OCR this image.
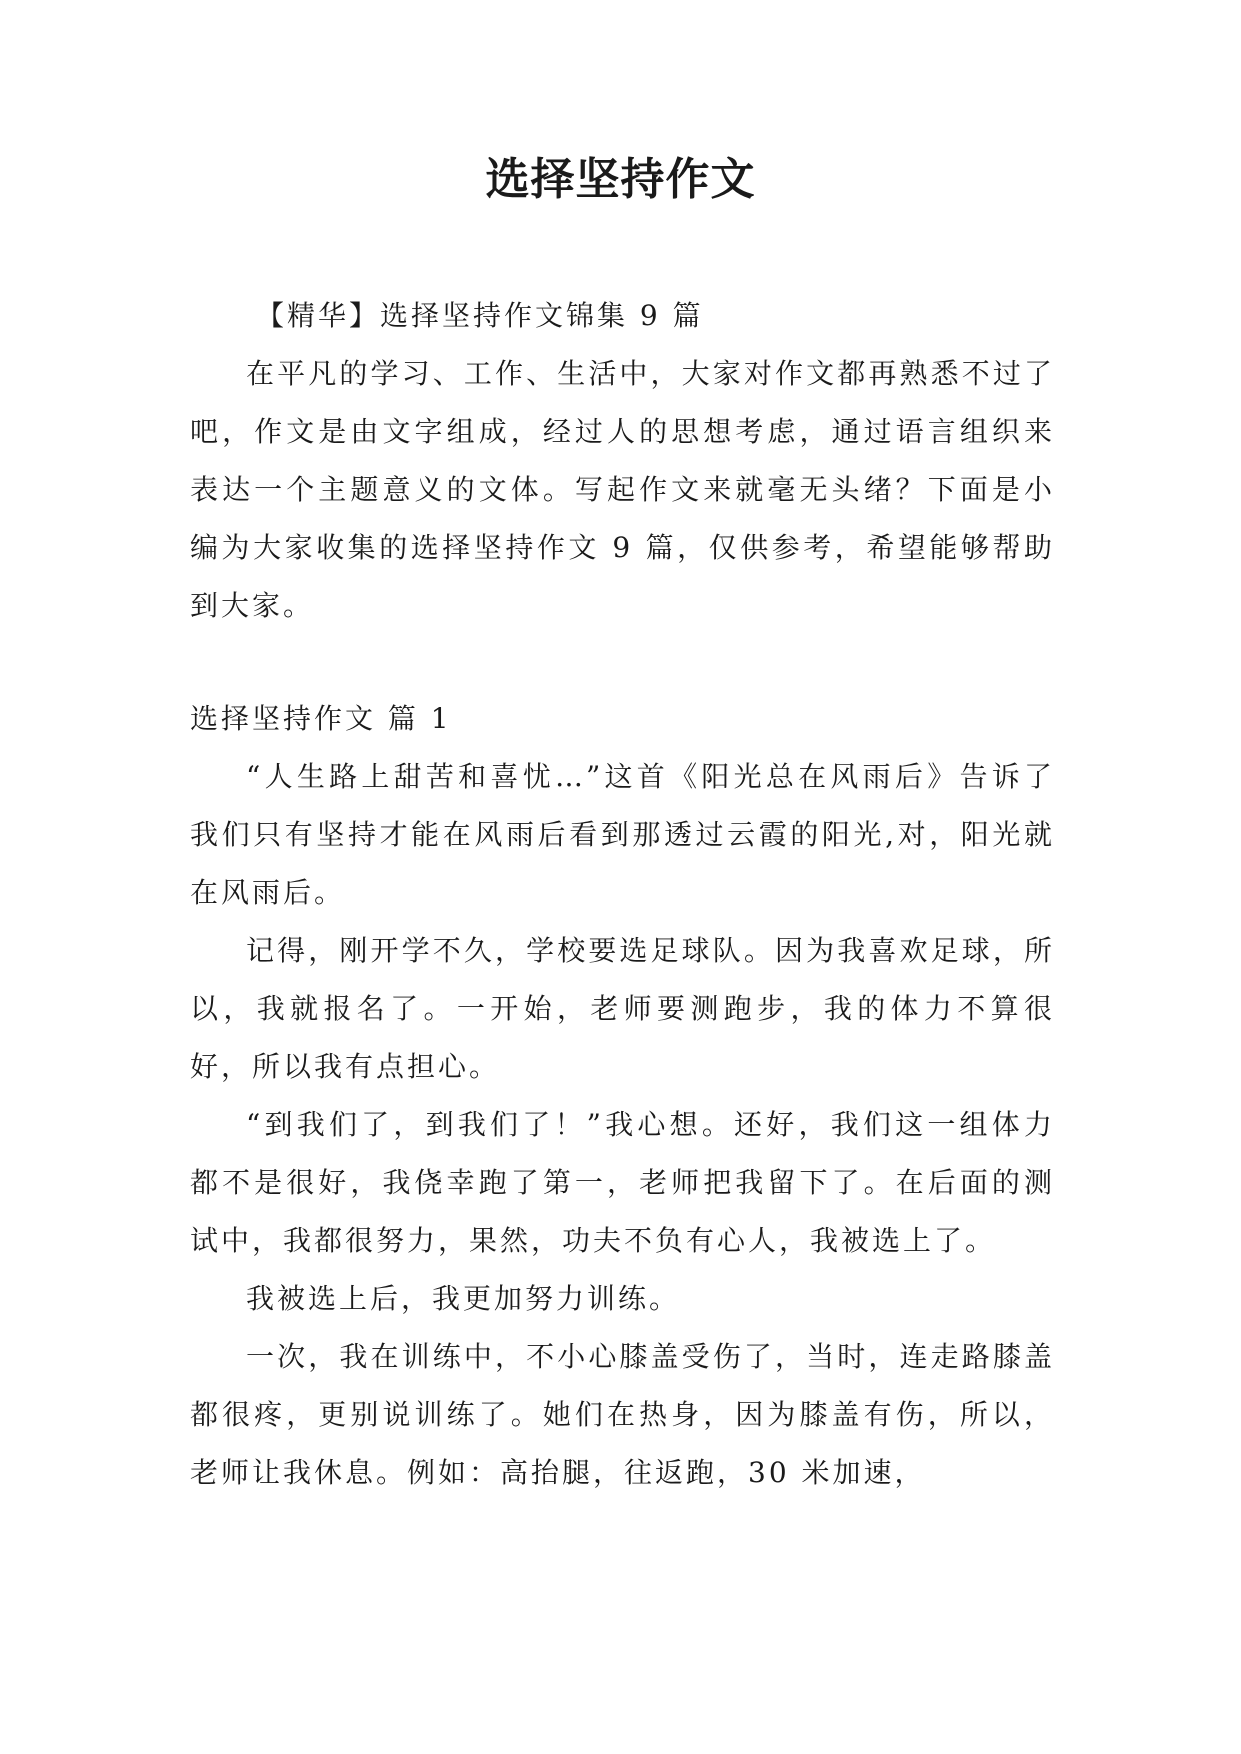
选择坚持作文

【精华】选择坚持作文锦集 9 篇

在平凡的学习、工作、生活中，大家对作文都再熟悉不过了吧，作文是由文字组成，经过人的思想考虑，通过语言组织来表达一个主题意义的文体。写起作文来就毫无头绪？下面是小编为大家收集的选择坚持作文 9 篇，仅供参考，希望能够帮助到大家。

选择坚持作文 篇 1

“人生路上甜苦和喜忧…”这首《阳光总在风雨后》告诉了我们只有坚持才能在风雨后看到那透过云霞的阳光,对，阳光就在风雨后。

记得，刚开学不久，学校要选足球队。因为我喜欢足球，所以，我就报名了。一开始，老师要测跑步，我的体力不算很好，所以我有点担心。

“到我们了，到我们了！”我心想。还好，我们这一组体力都不是很好，我侥幸跑了第一，老师把我留下了。在后面的测试中，我都很努力，果然，功夫不负有心人，我被选上了。

我被选上后，我更加努力训练。

一次，我在训练中，不小心膝盖受伤了，当时，连走路膝盖都很疼，更别说训练了。她们在热身，因为膝盖有伤，所以，老师让我休息。例如：高抬腿，往返跑，30 米加速，
